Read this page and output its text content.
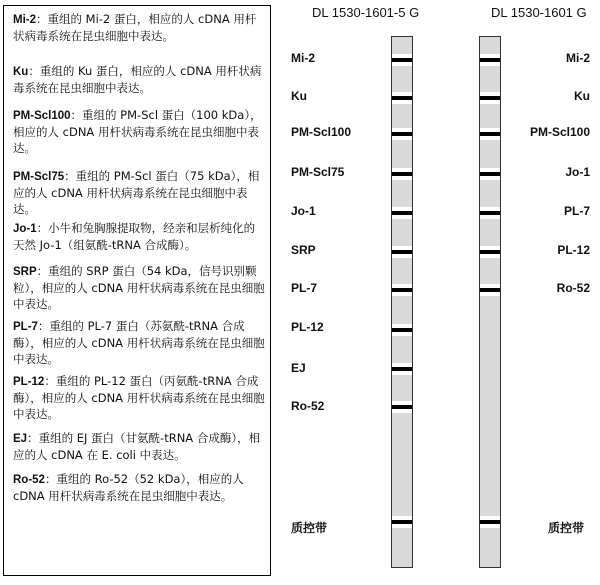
Mi-2：重组的 Mi-2 蛋白，相应的人 cDNA 用杆状病毒系统在昆虫细胞中表达。
Ku：重组的 Ku 蛋白，相应的人 cDNA 用杆状病毒系统在昆虫细胞中表达。
PM-Scl100：重组的 PM-Scl 蛋白（100 kDa），相应的人 cDNA 用杆状病毒系统在昆虫细胞中表达。
PM-Scl75：重组的 PM-Scl 蛋白（75 kDa），相应的人 cDNA 用杆状病毒系统在昆虫细胞中表达。
Jo-1：小牛和兔胸腺提取物，经亲和层析纯化的天然 Jo-1（组氨酰-tRNA 合成酶）。
SRP：重组的 SRP 蛋白（54 kDa，信号识别颗粒），相应的人 cDNA 用杆状病毒系统在昆虫细胞中表达。
PL-7：重组的 PL-7 蛋白（苏氨酰-tRNA 合成酶），相应的人 cDNA 用杆状病毒系统在昆虫细胞中表达。
PL-12：重组的 PL-12 蛋白（丙氨酰-tRNA 合成酶），相应的人 cDNA 用杆状病毒系统在昆虫细胞中表达。
EJ：重组的 EJ 蛋白（甘氨酰-tRNA 合成酶），相应的人 cDNA 在 E. coli 中表达。
Ro-52：重组的 Ro-52（52 kDa），相应的人 cDNA 用杆状病毒系统在昆虫细胞中表达。
DL 1530-1601-5 G
Mi-2
Ku
PM-Scl100
PM-Scl75
Jo-1
SRP
PL-7
PL-12
EJ
Ro-52
质控带
DL 1530-1601 G
Mi-2
Ku
PM-Scl100
Jo-1
PL-7
PL-12
Ro-52
质控带
